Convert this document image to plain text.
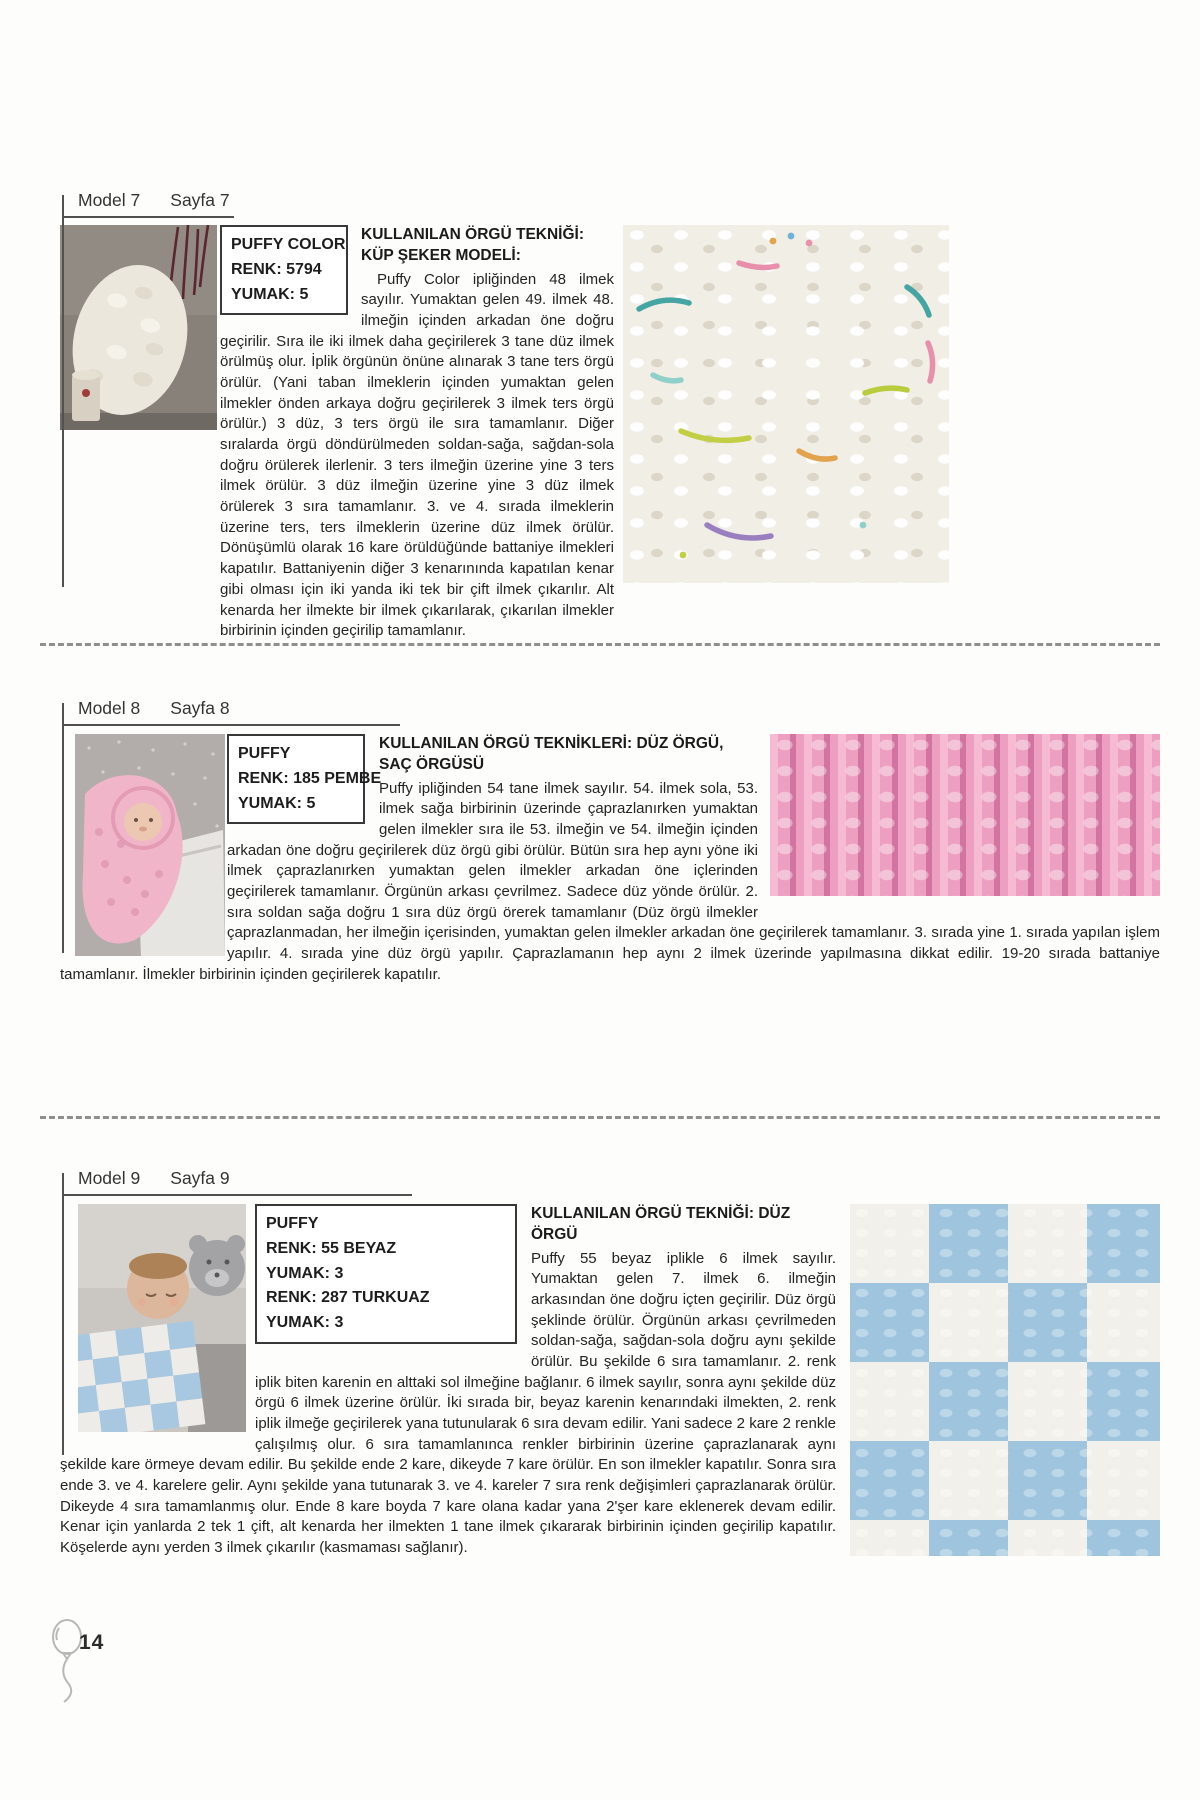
Model 7 Sayfa 7
PUFFY COLOR
RENK: 5794
YUMAK: 5
KULLANILAN ÖRGÜ TEKNİĞİ:
KÜP ŞEKER MODELİ:

Puffy Color ipliğinden 48 ilmek sayılır. Yumaktan gelen 49. ilmek 48. ilmeğin içinden arkadan öne doğru geçirilir. Sıra ile iki ilmek daha geçirilerek 3 tane düz ilmek örülmüş olur. İplik örgünün önüne alınarak 3 tane ters örgü örülür. (Yani taban ilmeklerin içinden yumaktan gelen ilmekler önden arkaya doğru geçirilerek 3 ilmek ters örgü örülür.) 3 düz, 3 ters örgü ile sıra tamamlanır. Diğer sıralarda örgü döndürülmeden soldan-sağa, sağdan-sola doğru örülerek ilerlenir. 3 ters ilmeğin üzerine yine 3 ters ilmek örülür. 3 düz ilmeğin üzerine yine 3 düz ilmek örülerek 3 sıra tamamlanır. 3. ve 4. sırada ilmeklerin üzerine ters, ters ilmeklerin üzerine düz ilmek örülür. Dönüşümlü olarak 16 kare örüldüğünde battaniye ilmekleri kapatılır. Battaniyenin diğer 3 kenarınında kapatılan kenar gibi olması için iki yanda iki tek bir çift ilmek çıkarılır. Alt kenarda her ilmekte bir ilmek çıkarılarak, çıkarılan ilmekler birbirinin içinden geçirilip tamamlanır.

Model 8 Sayfa 8
PUFFY
RENK: 185 PEMBE
YUMAK: 5
KULLANILAN ÖRGÜ TEKNİKLERİ: DÜZ ÖRGÜ, SAÇ ÖRGÜSÜ

Puffy ipliğinden 54 tane ilmek sayılır. 54. ilmek sola, 53. ilmek sağa birbirinin üzerinde çaprazlanırken yumaktan gelen ilmekler sıra ile 53. ilmeğin ve 54. ilmeğin içinden arkadan öne doğru geçirilerek düz örgü gibi örülür. Bütün sıra hep aynı yöne iki ilmek çaprazlanırken yumaktan gelen ilmekler arkadan öne içlerinden geçirilerek tamamlanır. Örgünün arkası çevrilmez. Sadece düz yönde örülür. 2. sıra soldan sağa doğru 1 sıra düz örgü örerek tamamlanır (Düz örgü ilmekler çaprazlanmadan, her ilmeğin içerisinden, yumaktan gelen ilmekler arkadan öne geçirilerek tamamlanır. 3. sırada yine 1. sırada yapılan işlem yapılır. 4. sırada yine düz örgü yapılır. Çaprazlamanın hep aynı 2 ilmek üzerinde yapılmasına dikkat edilir. 19-20 sırada battaniye tamamlanır. İlmekler birbirinin içinden geçirilerek kapatılır.

Model 9 Sayfa 9
PUFFY
RENK: 55 BEYAZ
YUMAK: 3
RENK: 287 TURKUAZ
YUMAK: 3
KULLANILAN ÖRGÜ TEKNİĞİ: DÜZ ÖRGÜ

Puffy 55 beyaz iplikle 6 ilmek sayılır. Yumaktan gelen 7. ilmek 6. ilmeğin arkasından öne doğru içten geçirilir. Düz örgü şeklinde örülür. Örgünün arkası çevrilmeden soldan-sağa, sağdan-sola doğru aynı şekilde örülür. Bu şekilde 6 sıra tamamlanır. 2. renk iplik biten karenin en alttaki sol ilmeğine bağlanır. 6 ilmek sayılır, sonra aynı şekilde düz örgü 6 ilmek üzerine örülür. İki sırada bir, beyaz karenin kenarındaki ilmekten, 2. renk iplik ilmeğe geçirilerek yana tutunularak 6 sıra devam edilir. Yani sadece 2 kare 2 renkle çalışılmış olur. 6 sıra tamamlanınca renkler birbirinin üzerine çaprazlanarak aynı şekilde kare örmeye devam edilir. Bu şekilde ende 2 kare, dikeyde 7 kare örülür. En son ilmekler kapatılır. Sonra sıra ende 3. ve 4. karelere gelir. Aynı şekilde yana tutunarak 3. ve 4. kareler 7 sıra renk değişimleri çaprazlanarak örülür. Dikeyde 4 sıra tamamlanmış olur. Ende 8 kare boyda 7 kare olana kadar yana 2'şer kare eklenerek devam edilir. Kenar için yanlarda 2 tek 1 çift, alt kenarda her ilmekten 1 tane ilmek çıkararak birbirinin içinden geçirilip kapatılır. Köşelerde aynı yerden 3 ilmek çıkarılır (kasmaması sağlanır).

14
